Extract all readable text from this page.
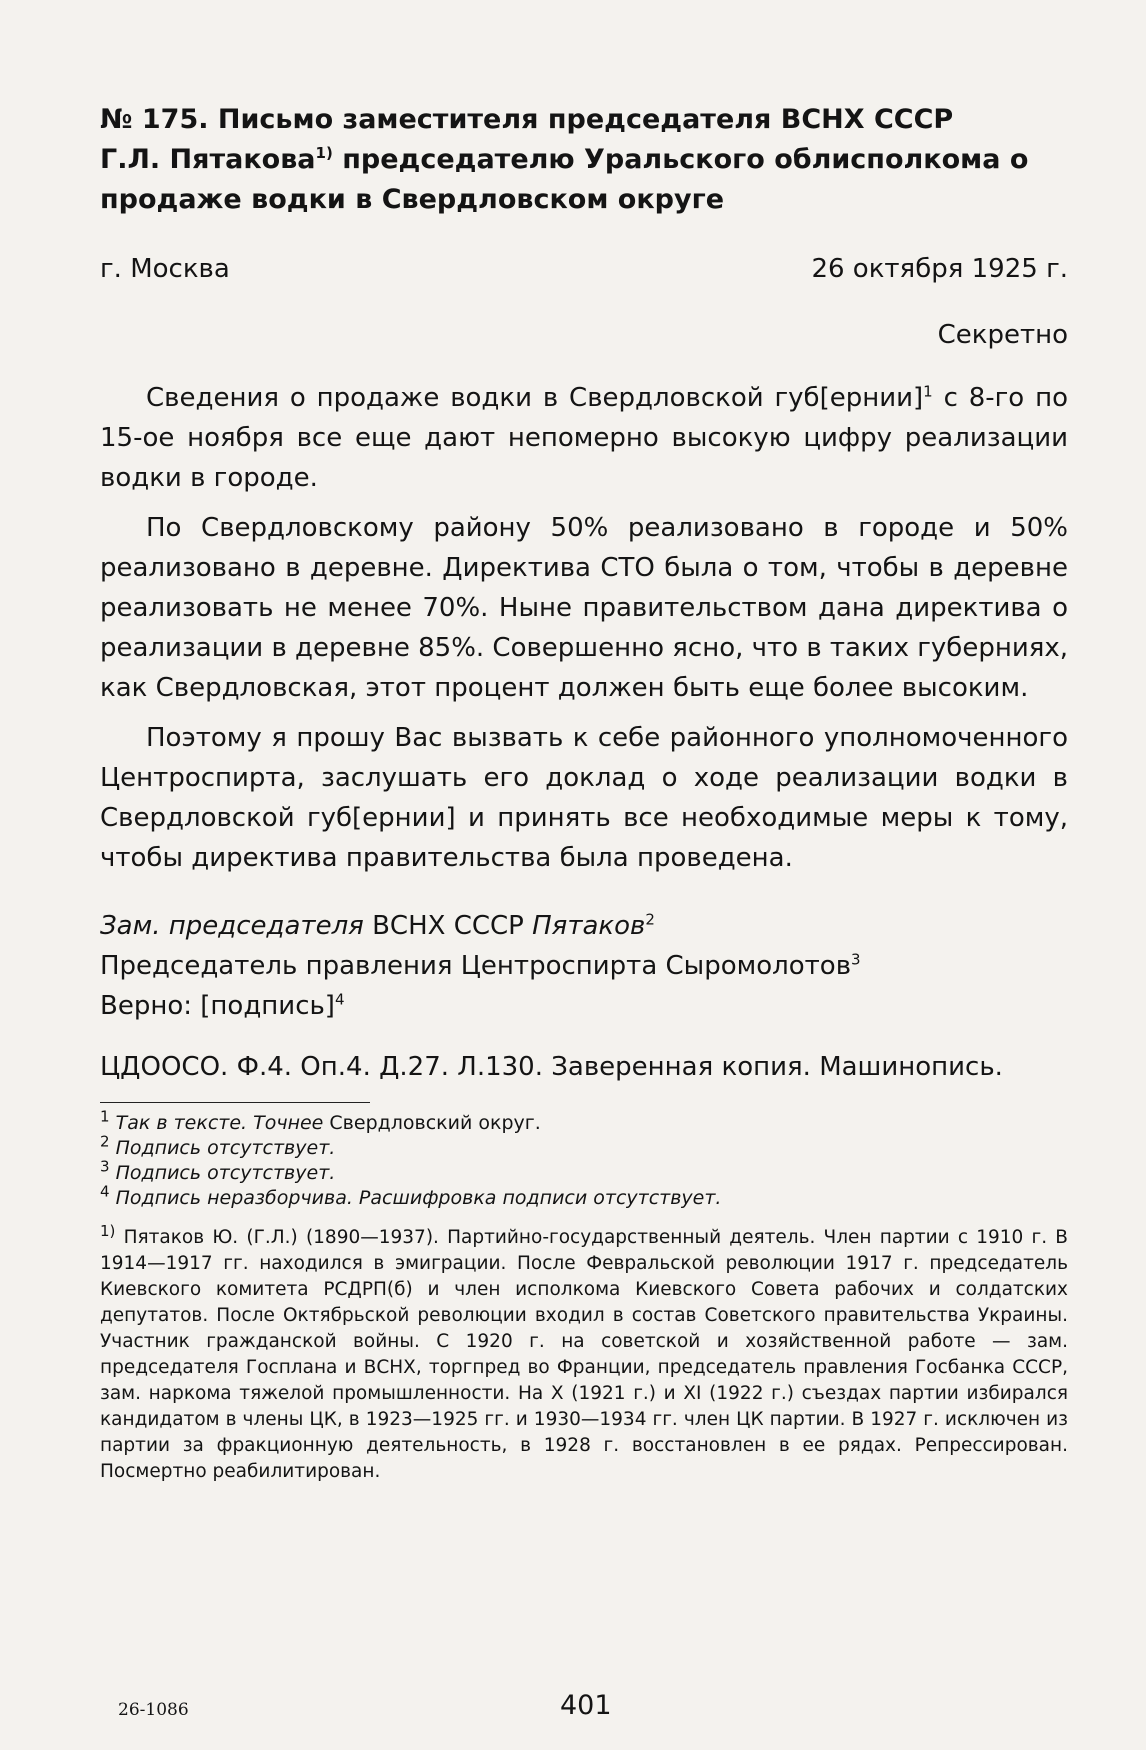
№ 175. Письмо заместителя председателя ВСНХ СССР
Г.Л. Пятакова$^{1)}$ председателю Уральского облисполкома о
продаже водки в Свердловском округе
г. Москва	26 октября 1925 г.
Секретно

Сведения о продаже водки в Свердловской губ[ернии]$^1$ с 8-го по 15-ое ноября все еще дают непомерно высокую цифру реализации водки в городе.

По Свердловскому району 50% реализовано в городе и 50% реализовано в деревне. Директива СТО была о том, чтобы в деревне реализовать не менее 70%. Ныне правительством дана директива о реализации в деревне 85%. Совершенно ясно, что в таких губерниях, как Свердловская, этот процент должен быть еще более высоким.

Поэтому я прошу Вас вызвать к себе районного уполномоченного Центроспирта, заслушать его доклад о ходе реализации водки в Свердловской губ[ернии] и принять все необходимые меры к тому, чтобы директива правительства была проведена.

Зам. председателя ВСНХ СССР Пятаков$^2$
Председатель правления Центроспирта Сыромолотов$^3$
Верно: [подпись]$^4$
ЦДООСО. Ф.4. Оп.4. Д.27. Л.130. Заверенная копия. Машинопись.
$^1$ Так в тексте. Точнее Свердловский округ.
$^2$ Подпись отсутствует.
$^3$ Подпись отсутствует.
$^4$ Подпись неразборчива. Расшифровка подписи отсутствует.
$^{1)}$ Пятаков Ю. (Г.Л.) (1890—1937). Партийно-государственный деятель. Член партии с 1910 г. В 1914—1917 гг. находился в эмиграции. После Февральской революции 1917 г. председатель Киевского комитета РСДРП(б) и член исполкома Киевского Совета рабочих и солдатских депутатов. После Октябрьской революции входил в состав Советского правительства Украины. Участник гражданской войны. С 1920 г. на советской и хозяйственной работе — зам. председателя Госплана и ВСНХ, торгпред во Франции, председатель правления Госбанка СССР, зам. наркома тяжелой промышленности. На X (1921 г.) и XI (1922 г.) съездах партии избирался кандидатом в члены ЦК, в 1923—1925 гг. и 1930—1934 гг. член ЦК партии. В 1927 г. исключен из партии за фракционную деятельность, в 1928 г. восстановлен в ее рядах. Репрессирован. Посмертно реабилитирован.
26-1086	401
